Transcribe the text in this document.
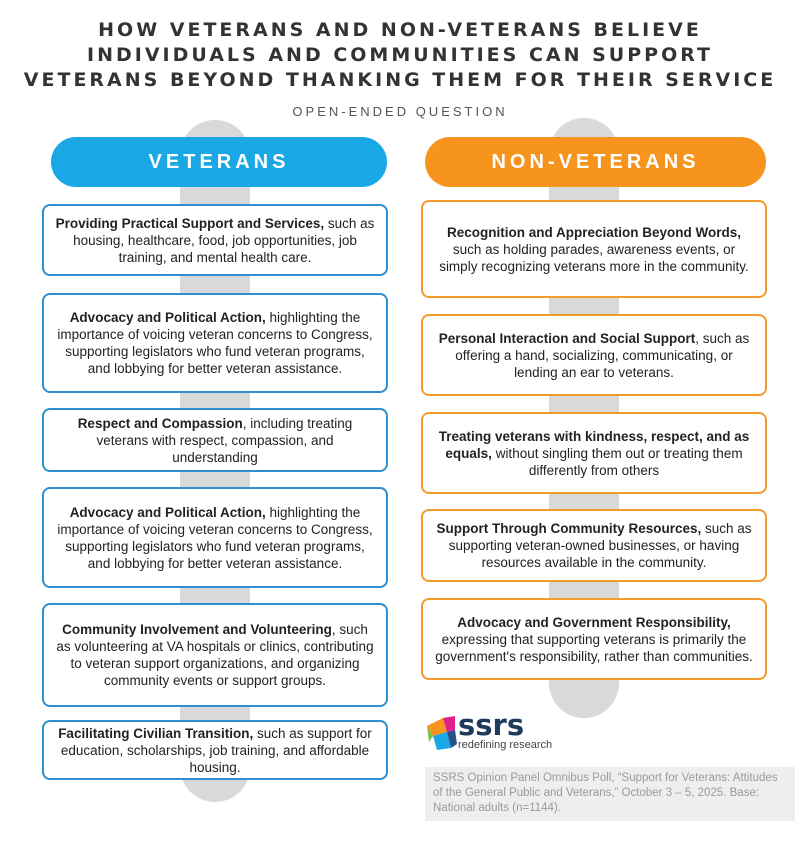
HOW VETERANS AND NON-VETERANS BELIEVE INDIVIDUALS AND COMMUNITIES CAN SUPPORT VETERANS BEYOND THANKING THEM FOR THEIR SERVICE
OPEN-ENDED QUESTION
VETERANS	NON-VETERANS

Providing Practical Support and Services, such as housing, healthcare, food, job opportunities, job training, and mental health care.

Advocacy and Political Action, highlighting the importance of voicing veteran concerns to Congress, supporting legislators who fund veteran programs, and lobbying for better veteran assistance.

Respect and Compassion, including treating veterans with respect, compassion, and understanding

Advocacy and Political Action, highlighting the importance of voicing veteran concerns to Congress, supporting legislators who fund veteran programs, and lobbying for better veteran assistance.

Community Involvement and Volunteering, such as volunteering at VA hospitals or clinics, contributing to veteran support organizations, and organizing community events or support groups.

Facilitating Civilian Transition, such as support for education, scholarships, job training, and affordable housing.

Recognition and Appreciation Beyond Words, such as holding parades, awareness events, or simply recognizing veterans more in the community.

Personal Interaction and Social Support, such as offering a hand, socializing, communicating, or lending an ear to veterans.

Treating veterans with kindness, respect, and as equals, without singling them out or treating them differently from others

Support Through Community Resources, such as supporting veteran-owned businesses, or having resources available in the community.

Advocacy and Government Responsibility, expressing that supporting veterans is primarily the government's responsibility, rather than communities.

ssrs
redefining research
SSRS Opinion Panel Omnibus Poll, “Support for Veterans: Attitudes of the General Public and Veterans,” October 3 – 5, 2025. Base: National adults (n=1144).
